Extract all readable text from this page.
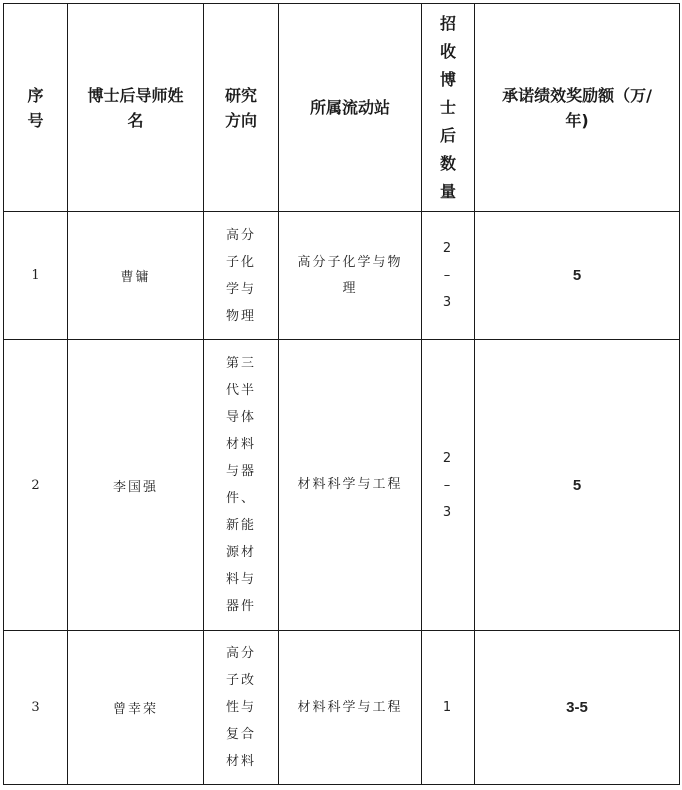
序号	博士后导师姓名	研究方向	所属流动站	招收博士后数量	承诺绩效奖励额（万/年)

1	曹镛	高分子化学与物理	高分子化学与物理	2–3	5
2	李国强	第三代半导体材料与器件、新能源材料与器件	材料科学与工程	2–3	5
3	曾幸荣	高分子改性与复合材料	材料科学与工程	1	3-5
